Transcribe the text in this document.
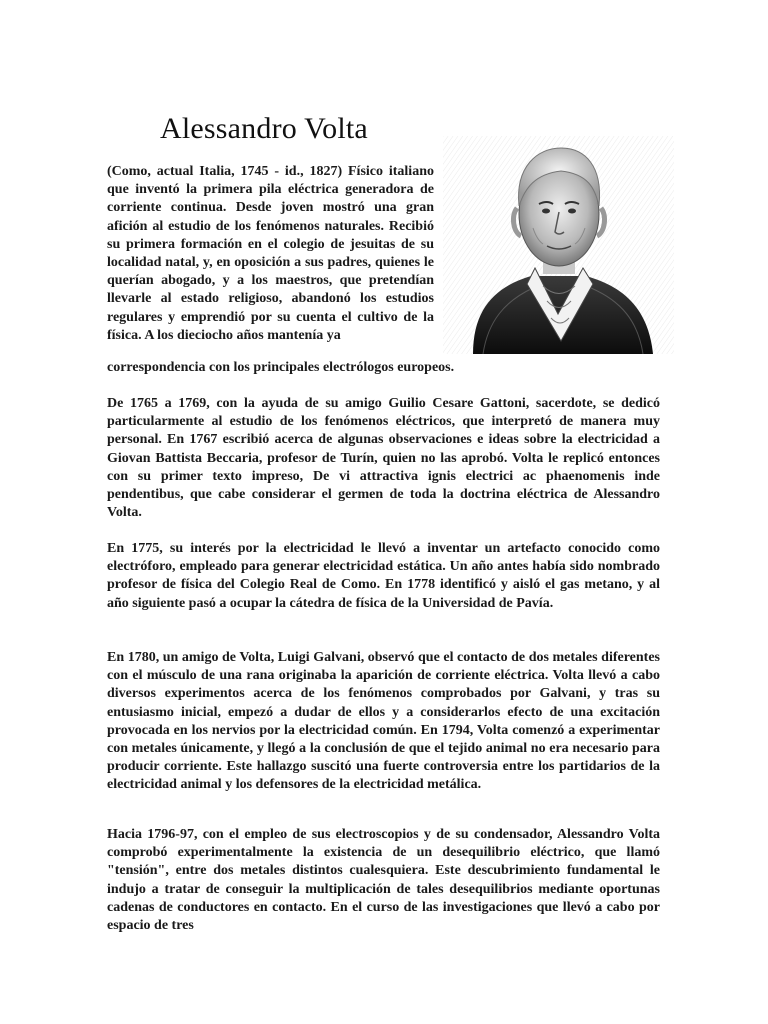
Alessandro Volta

(Como, actual Italia, 1745 - id., 1827) Físico italiano que inventó la primera pila eléctrica generadora de corriente continua. Desde joven mostró una gran afición al estudio de los fenómenos naturales. Recibió su primera formación en el colegio de jesuitas de su localidad natal, y, en oposición a sus padres, quienes le querían abogado, y a los maestros, que pretendían llevarle al estado religioso, abandonó los estudios regulares y emprendió por su cuenta el cultivo de la física. A los dieciocho años mantenía ya

correspondencia con los principales electrólogos europeos.

De 1765 a 1769, con la ayuda de su amigo Guilio Cesare Gattoni, sacerdote, se dedicó particularmente al estudio de los fenómenos eléctricos, que interpretó de manera muy personal. En 1767 escribió acerca de algunas observaciones e ideas sobre la electricidad a Giovan Battista Beccaria, profesor de Turín, quien no las aprobó. Volta le replicó entonces con su primer texto impreso, De vi attractiva ignis electrici ac phaenomenis inde pendentibus, que cabe considerar el germen de toda la doctrina eléctrica de Alessandro Volta.

En 1775, su interés por la electricidad le llevó a inventar un artefacto conocido como electróforo, empleado para generar electricidad estática. Un año antes había sido nombrado profesor de física del Colegio Real de Como. En 1778 identificó y aisló el gas metano, y al año siguiente pasó a ocupar la cátedra de física de la Universidad de Pavía.

En 1780, un amigo de Volta, Luigi Galvani, observó que el contacto de dos metales diferentes con el músculo de una rana originaba la aparición de corriente eléctrica. Volta llevó a cabo diversos experimentos acerca de los fenómenos comprobados por Galvani, y tras su entusiasmo inicial, empezó a dudar de ellos y a considerarlos efecto de una excitación provocada en los nervios por la electricidad común. En 1794, Volta comenzó a experimentar con metales únicamente, y llegó a la conclusión de que el tejido animal no era necesario para producir corriente. Este hallazgo suscitó una fuerte controversia entre los partidarios de la electricidad animal y los defensores de la electricidad metálica.

Hacia 1796-97, con el empleo de sus electroscopios y de su condensador, Alessandro Volta comprobó experimentalmente la existencia de un desequilibrio eléctrico, que llamó "tensión", entre dos metales distintos cualesquiera. Este descubrimiento fundamental le indujo a tratar de conseguir la multiplicación de tales desequilibrios mediante oportunas cadenas de conductores en contacto. En el curso de las investigaciones que llevó a cabo por espacio de tres
